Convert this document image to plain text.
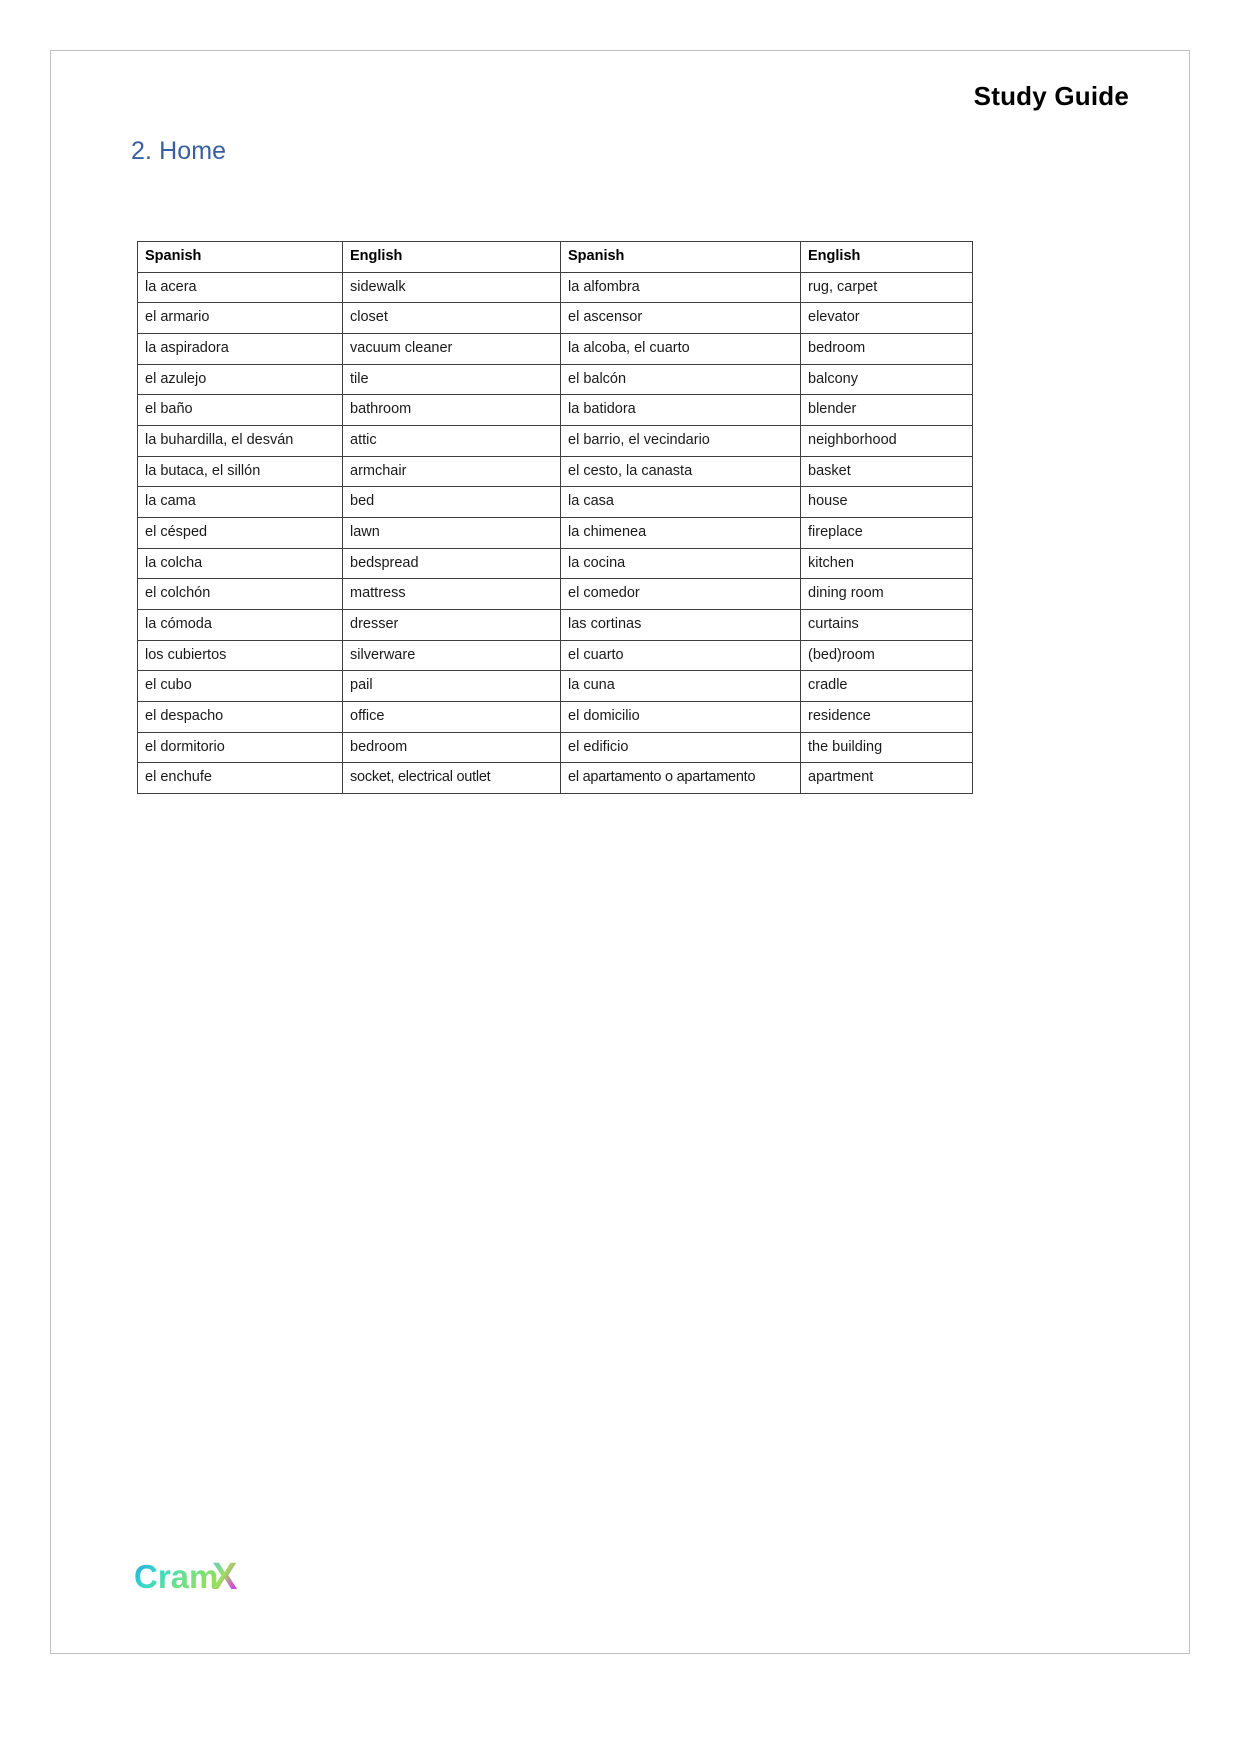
Study Guide
2. Home
Spanish	English	Spanish	English
la acera	sidewalk	la alfombra	rug, carpet
el armario	closet	el ascensor	elevator
la aspiradora	vacuum cleaner	la alcoba, el cuarto	bedroom
el azulejo	tile	el balcón	balcony
el baño	bathroom	la batidora	blender
la buhardilla, el desván	attic	el barrio, el vecindario	neighborhood
la butaca, el sillón	armchair	el cesto, la canasta	basket
la cama	bed	la casa	house
el césped	lawn	la chimenea	fireplace
la colcha	bedspread	la cocina	kitchen
el colchón	mattress	el comedor	dining room
la cómoda	dresser	las cortinas	curtains
los cubiertos	silverware	el cuarto	(bed)room
el cubo	pail	la cuna	cradle
el despacho	office	el domicilio	residence
el dormitorio	bedroom	el edificio	the building
el enchufe	socket, electrical outlet	el apartamento o apartamento	apartment
Cram
X
